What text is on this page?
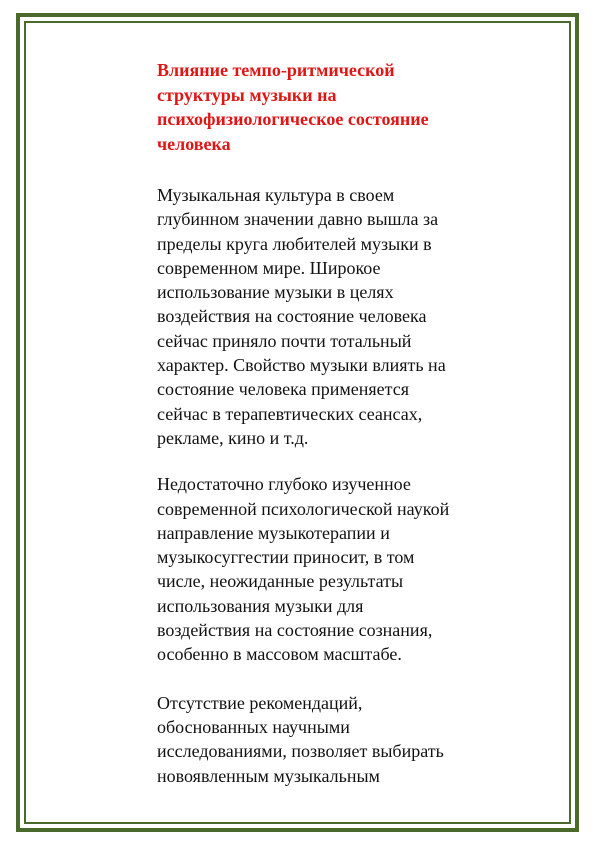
Влияние темпо-ритмической
структуры музыки на
психофизиологическое состояние
человека

Музыкальная культура в своем
глубинном значении давно вышла за
пределы круга любителей музыки в
современном мире. Широкое
использование музыки в целях
воздействия на состояние человека
сейчас приняло почти тотальный
характер. Свойство музыки влиять на
состояние человека применяется
сейчас в терапевтических сеансах,
рекламе, кино и т.д.

Недостаточно глубоко изученное
современной психологической наукой
направление музыкотерапии и
музыкосуггестии приносит, в том
числе, неожиданные результаты
использования музыки для
воздействия на состояние сознания,
особенно в массовом масштабе.

Отсутствие рекомендаций,
обоснованных научными
исследованиями, позволяет выбирать
новоявленным музыкальным
